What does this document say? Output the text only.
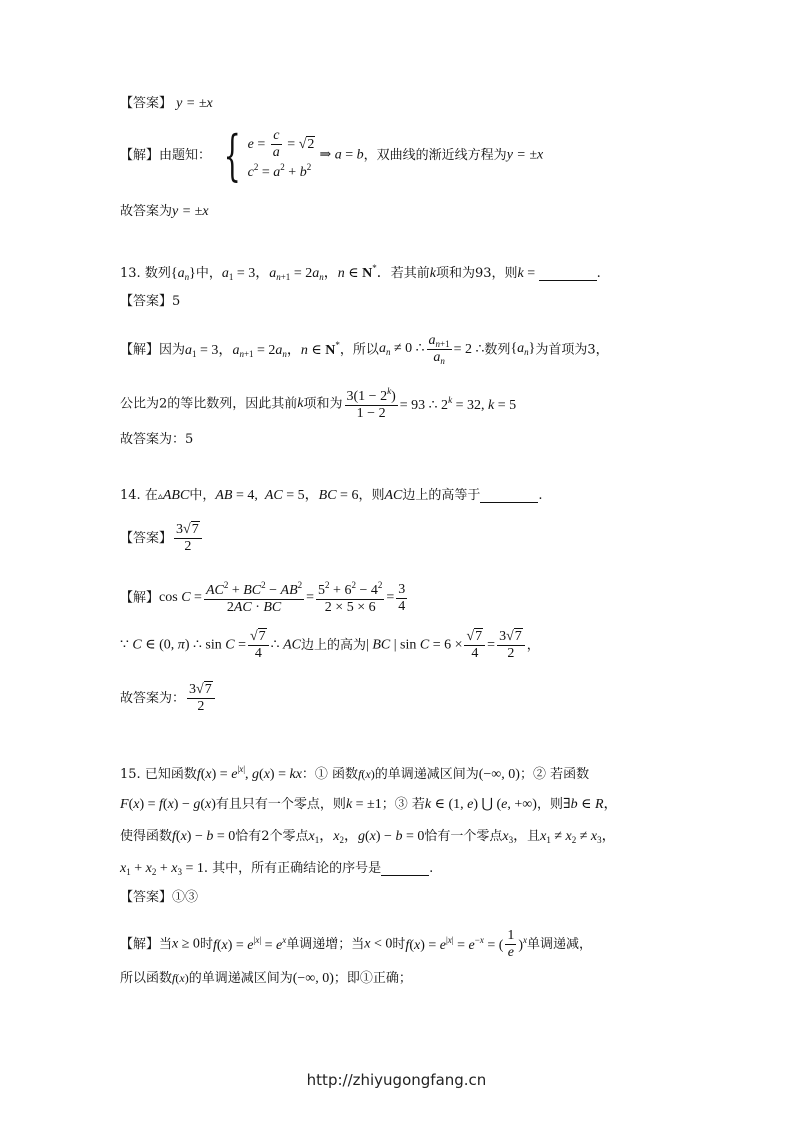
【答案】 y = ±x
【解】由题知： { $e = \frac{c}{a} = √2$
$c^2 = a^2 + b^2$
⇒ a = b，双曲线的渐近线方程为y = ±x
故答案为y = ±x
13. 数列$\{a_n\}$中，$a_1 = 3$，$a_{n+1} = 2a_n$，n ∈ N*．若其前k项和为93，则k =	.
【答案】5
【解】因为$a_1 = 3$，$a_{n+1} = 2a_n$，n ∈ N*，所以$a_n \ne 0$ ∴ $\frac{a_{n+1}}{a_n} = 2$ ∴数列$\{a_n\}$为首项为3，
公比为2的等比数列，因此其前k项和为 $\frac{3(1 - 2^k)}{1 - 2} = 93$ ∴ $2^k = 32$, k = 5
故答案为：5
14. 在▵ABC中，AB = 4,  AC = 5，BC = 6，则AC边上的高等于	.
【答案】 $\frac{3√7}{2}$
【解】$\cos C = \frac{AC^2 + BC^2 - AB^2}{2AC \cdot BC} = \frac{5^2 + 6^2 - 4^2}{2 \times 5 \times 6} = \frac{3}{4}$
∵ C ∈ (0, π) ∴ $\sin C = \frac{√7}{4}$ ∴ AC边上的高为| BC | $\sin C = 6 \times \frac{√7}{4} = \frac{3√7}{2}$ ，
故答案为： $\frac{3√7}{2}$
15. 已知函数$f(x) = e^{|x|}$, g(x) = kx：① 函数f(x)的单调递减区间为(−∞, 0)；② 若函数
F(x) = f(x) − g(x)有且只有一个零点，则k = ±1；③ 若k ∈ (1, e) ⋃ (e, +∞)，则∃b ∈ R，
使得函数f(x) − b = 0恰有2个零点$x_1$，$x_2$，g(x) − b = 0恰有一个零点$x_3$，且$x_1 \ne x_2 \ne x_3$，
$x_1 + x_2 + x_3 = 1$. 其中，所有正确结论的序号是	.
【答案】①③
【解】当x ≥ 0时$f(x) = e^{|x|} = e^x$单调递增；当x < 0时$f(x) = e^{|x|} = e^{-x}$ = ( $\frac{1}{e} )^x$单调递减，
所以函数f(x)的单调递减区间为(−∞, 0)；即①正确；
http://zhiyugongfang.cn
